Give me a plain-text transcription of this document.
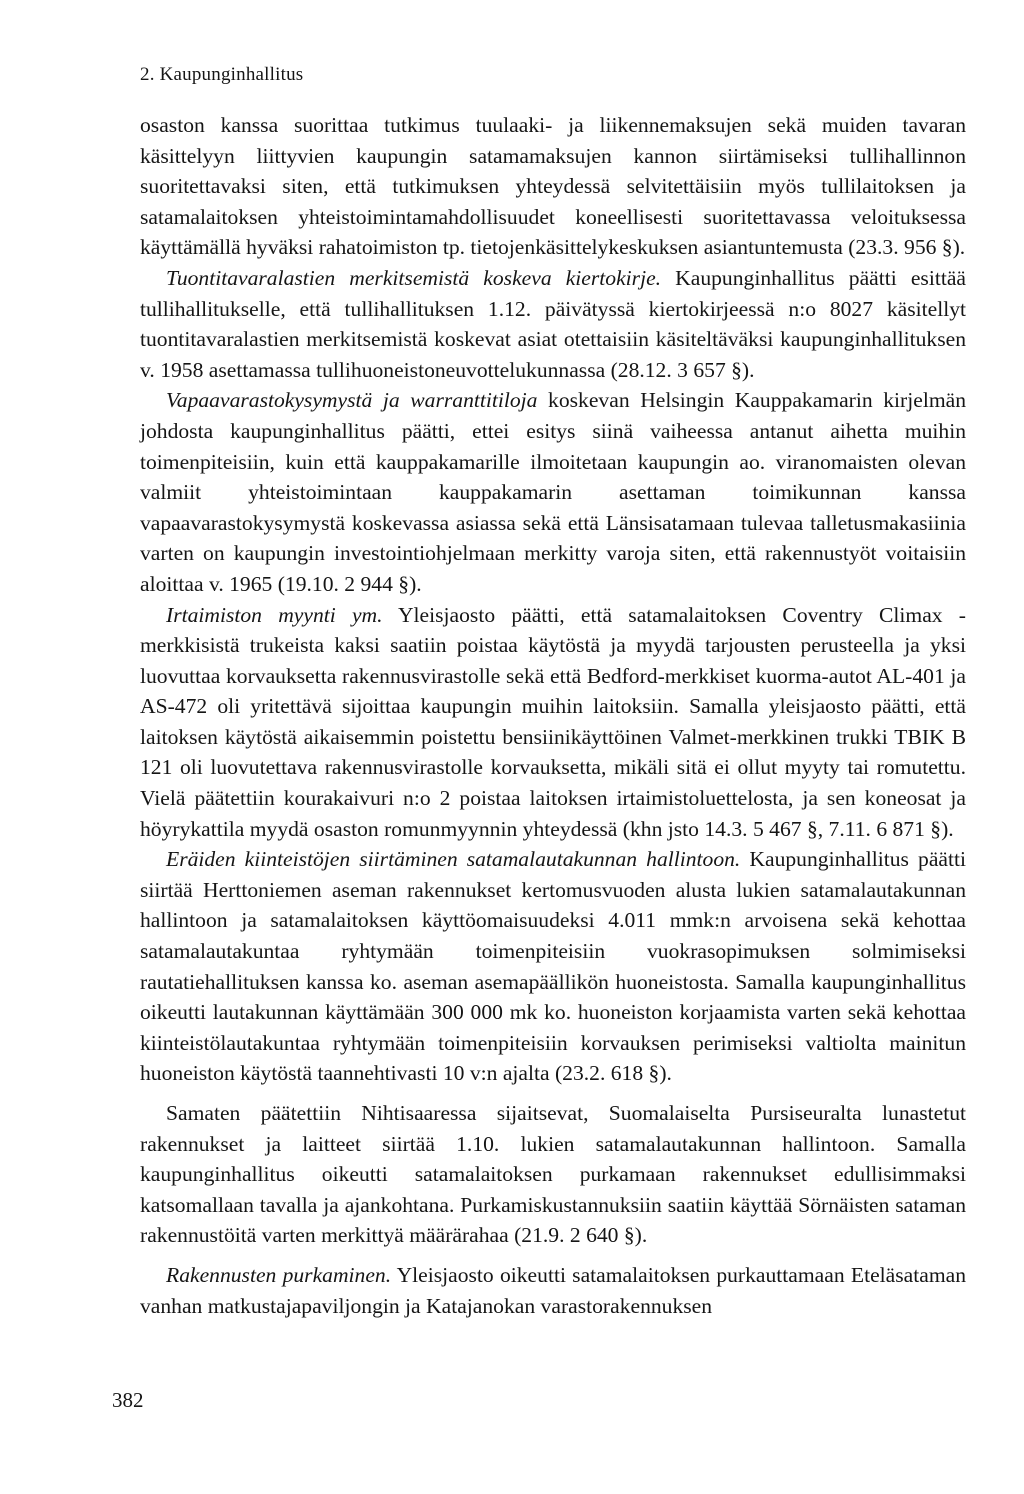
2. Kaupunginhallitus

osaston kanssa suorittaa tutkimus tuulaaki- ja liikennemaksujen sekä muiden tavaran käsittelyyn liittyvien kaupungin satamamaksujen kannon siirtämiseksi tullihallinnon suoritettavaksi siten, että tutkimuksen yhteydessä selvitettäisiin myös tullilaitoksen ja satamalaitoksen yhteistoimintamahdollisuudet koneellisesti suoritettavassa veloituksessa käyttämällä hyväksi rahatoimiston tp. tietojenkäsittelykeskuksen asiantuntemusta (23.3. 956 §).

Tuontitavaralastien merkitsemistä koskeva kiertokirje. Kaupunginhallitus päätti esittää tullihallitukselle, että tullihallituksen 1.12. päivätyssä kiertokirjeessä n:o 8027 käsitellyt tuontitavaralastien merkitsemistä koskevat asiat otettaisiin käsiteltäväksi kaupunginhallituksen v. 1958 asettamassa tullihuoneistoneuvottelukunnassa (28.12. 3 657 §).

Vapaavarastokysymystä ja warranttitiloja koskevan Helsingin Kauppakamarin kirjelmän johdosta kaupunginhallitus päätti, ettei esitys siinä vaiheessa antanut aihetta muihin toimenpiteisiin, kuin että kauppakamarille ilmoitetaan kaupungin ao. viranomaisten olevan valmiit yhteistoimintaan kauppakamarin asettaman toimikunnan kanssa vapaavarastokysymystä koskevassa asiassa sekä että Länsisatamaan tulevaa talletusmakasiinia varten on kaupungin investointiohjelmaan merkitty varoja siten, että rakennustyöt voitaisiin aloittaa v. 1965 (19.10. 2 944 §).

Irtaimiston myynti ym. Yleisjaosto päätti, että satamalaitoksen Coventry Climax -merkkisistä trukeista kaksi saatiin poistaa käytöstä ja myydä tarjousten perusteella ja yksi luovuttaa korvauksetta rakennusvirastolle sekä että Bedford-merkkiset kuorma-autot AL-401 ja AS-472 oli yritettävä sijoittaa kaupungin muihin laitoksiin. Samalla yleisjaosto päätti, että laitoksen käytöstä aikaisemmin poistettu bensiinikäyttöinen Valmet-merkkinen trukki TBIK B 121 oli luovutettava rakennusvirastolle korvauksetta, mikäli sitä ei ollut myyty tai romutettu. Vielä päätettiin kourakaivuri n:o 2 poistaa laitoksen irtaimistoluettelosta, ja sen koneosat ja höyrykattila myydä osaston romunmyynnin yhteydessä (khn jsto 14.3. 5 467 §, 7.11. 6 871 §).

Eräiden kiinteistöjen siirtäminen satamalautakunnan hallintoon. Kaupunginhallitus päätti siirtää Herttoniemen aseman rakennukset kertomusvuoden alusta lukien satamalautakunnan hallintoon ja satamalaitoksen käyttöomaisuudeksi 4.011 mmk:n arvoisena sekä kehottaa satamalautakuntaa ryhtymään toimenpiteisiin vuokrasopimuksen solmimiseksi rautatiehallituksen kanssa ko. aseman asemapäällikön huoneistosta. Samalla kaupunginhallitus oikeutti lautakunnan käyttämään 300 000 mk ko. huoneiston korjaamista varten sekä kehottaa kiinteistölautakuntaa ryhtymään toimenpiteisiin korvauksen perimiseksi valtiolta mainitun huoneiston käytöstä taannehtivasti 10 v:n ajalta (23.2. 618 §).

Samaten päätettiin Nihtisaaressa sijaitsevat, Suomalaiselta Pursiseuralta lunastetut rakennukset ja laitteet siirtää 1.10. lukien satamalautakunnan hallintoon. Samalla kaupunginhallitus oikeutti satamalaitoksen purkamaan rakennukset edullisimmaksi katsomallaan tavalla ja ajankohtana. Purkamiskustannuksiin saatiin käyttää Sörnäisten sataman rakennustöitä varten merkittyä määrärahaa (21.9. 2 640 §).

Rakennusten purkaminen. Yleisjaosto oikeutti satamalaitoksen purkauttamaan Eteläsataman vanhan matkustajapaviljongin ja Katajanokan varastorakennuksen

382
